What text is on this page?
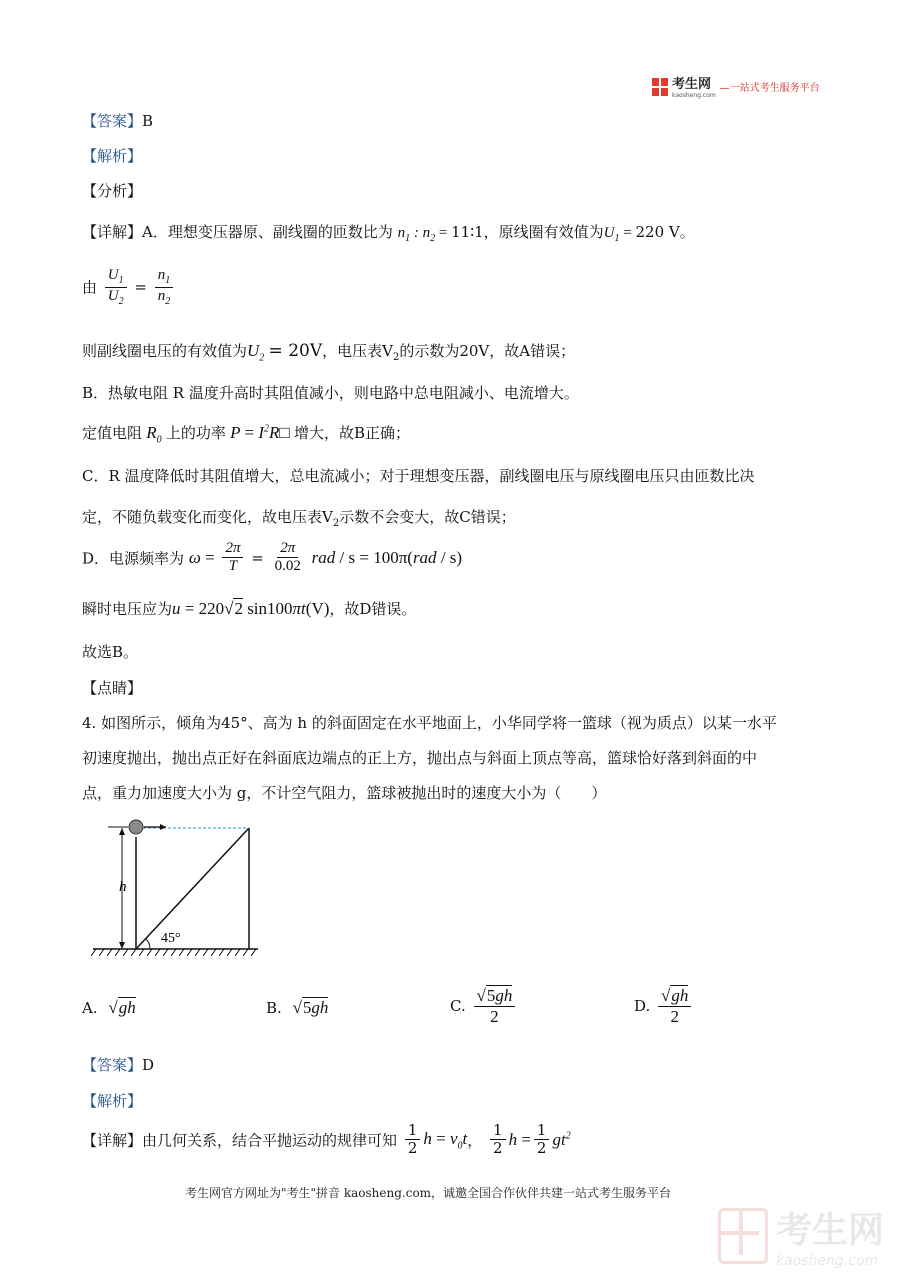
考生网
kaosheng.com
—一站式考生服务平台
【答案】B
【解析】
【分析】
【详解】A．理想变压器原、副线圈的匝数比为 $n_1$ : $n_2$ = 11∶1，原线圈有效值为$U_1 = 220$ V。
由 $\frac{U_1}{U_2} = \frac{n_1}{n_2}$
则副线圈电压的有效值为$U_2 = 20V$，电压表$V_2$的示数为20V，故A错误；
B．热敏电阻 R 温度升高时其阻值减小，则电路中总电阻减小、电流增大。
定值电阻 $R_0$ 上的功率 $P = I^2R□$ 增大，故B正确；
C．R 温度降低时其阻值增大，总电流减小；对于理想变压器，副线圈电压与原线圈电压只由匝数比决
定，不随负载变化而变化，故电压表$V_2$示数不会变大，故C错误；
D．电源频率为 $\omega = \frac{2\pi}{T} = \frac{2\pi}{0.02}$ rad / s = 100π(rad / s)
瞬时电压应为u = 220√2 sin100πt(V)，故D错误。
故选B。
【点睛】
4. 如图所示，倾角为45°、高为 h 的斜面固定在水平地面上，小华同学将一篮球（视为质点）以某一水平
初速度抛出，抛出点正好在斜面底边端点的正上方，抛出点与斜面上顶点等高，篮球恰好落到斜面的中
点，重力加速度大小为 g，不计空气阻力，篮球被抛出时的速度大小为（　　）
h
45°
A. √gh	B. √5gh	C. $\frac{√5gh}{2}$	D. $\frac{√gh}{2}$
【答案】D
【解析】
【详解】由几何关系，结合平抛运动的规律可知 $\frac{1}{2}$ $h = v_0t$， $\frac{1}{2}$ $h = \frac{1}{2} gt^2$
考生网官方网址为"考生"拼音 kaosheng.com，诚邀全国合作伙伴共建一站式考生服务平台
考生网
kaosheng.com
